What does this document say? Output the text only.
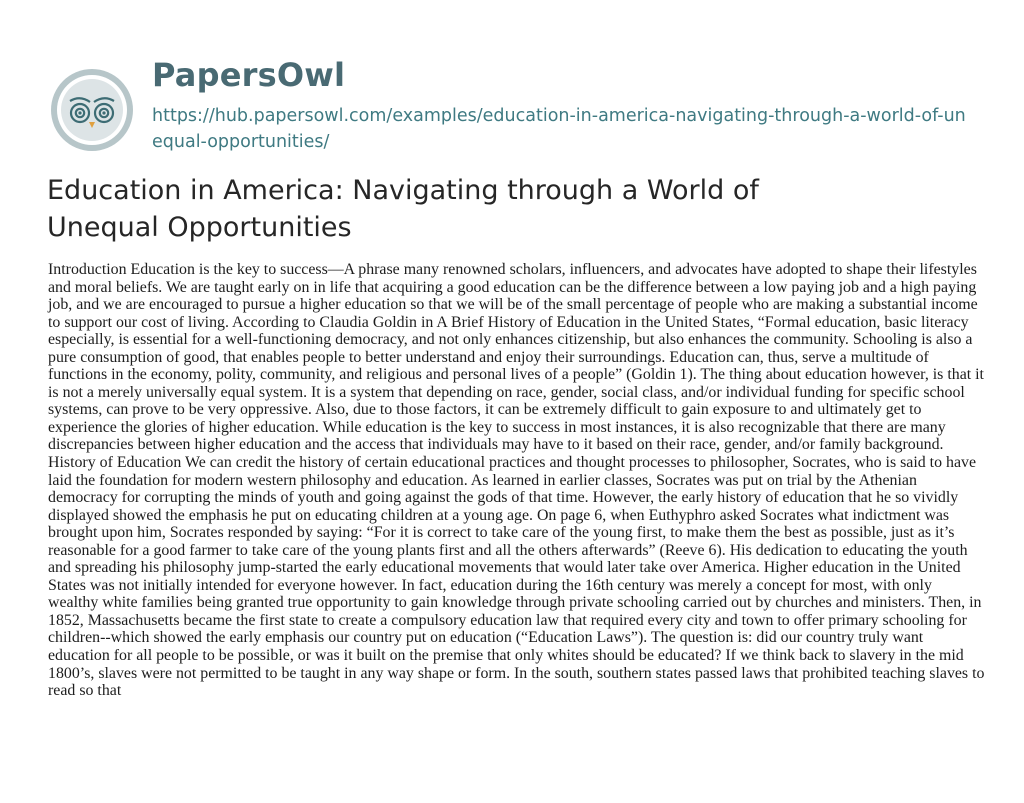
PapersOwl
https://hub.papersowl.com/examples/education-in-america-navigating-through-a-world-of-unequal-opportunities/
Education in America: Navigating through a World of Unequal Opportunities

Introduction Education is the key to success—A phrase many renowned scholars, influencers, and advocates have adopted to shape their lifestyles and moral beliefs. We are taught early on in life that acquiring a good education can be the difference between a low paying job and a high paying job, and we are encouraged to pursue a higher education so that we will be of the small percentage of people who are making a substantial income to support our cost of living. According to Claudia Goldin in A Brief History of Education in the United States, “Formal education, basic literacy especially, is essential for a well-functioning democracy, and not only enhances citizenship, but also enhances the community. Schooling is also a pure consumption of good, that enables people to better understand and enjoy their surroundings. Education can, thus, serve a multitude of functions in the economy, polity, community, and religious and personal lives of a people” (Goldin 1). The thing about education however, is that it is not a merely universally equal system. It is a system that depending on race, gender, social class, and/or individual funding for specific school systems, can prove to be very oppressive. Also, due to those factors, it can be extremely difficult to gain exposure to and ultimately get to experience the glories of higher education. While education is the key to success in most instances, it is also recognizable that there are many discrepancies between higher education and the access that individuals may have to it based on their race, gender, and/or family background. History of Education We can credit the history of certain educational practices and thought processes to philosopher, Socrates, who is said to have laid the foundation for modern western philosophy and education. As learned in earlier classes, Socrates was put on trial by the Athenian democracy for corrupting the minds of youth and going against the gods of that time. However, the early history of education that he so vividly displayed showed the emphasis he put on educating children at a young age. On page 6, when Euthyphro asked Socrates what indictment was brought upon him, Socrates responded by saying: “For it is correct to take care of the young first, to make them the best as possible, just as it’s reasonable for a good farmer to take care of the young plants first and all the others afterwards” (Reeve 6). His dedication to educating the youth and spreading his philosophy jump-started the early educational movements that would later take over America. Higher education in the United States was not initially intended for everyone however. In fact, education during the 16th century was merely a concept for most, with only wealthy white families being granted true opportunity to gain knowledge through private schooling carried out by churches and ministers. Then, in 1852, Massachusetts became the first state to create a compulsory education law that required every city and town to offer primary schooling for children--which showed the early emphasis our country put on education (“Education Laws”). The question is: did our country truly want education for all people to be possible, or was it built on the premise that only whites should be educated? If we think back to slavery in the mid 1800’s, slaves were not permitted to be taught in any way shape or form. In the south, southern states passed laws that prohibited teaching slaves to read so that
